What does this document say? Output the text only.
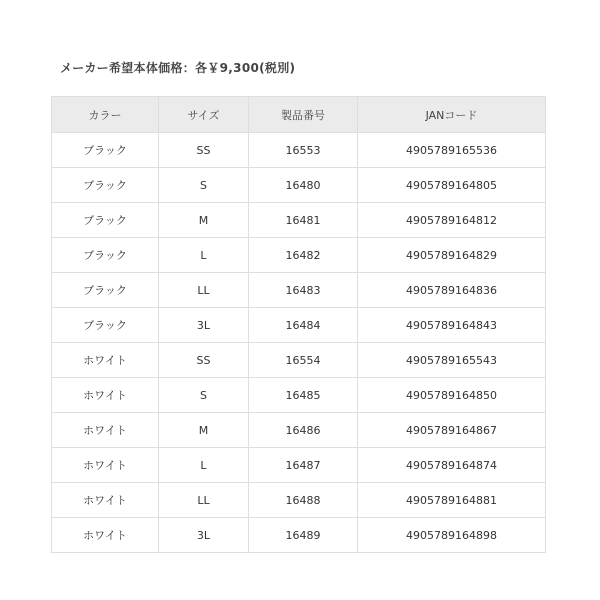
メーカー希望本体価格：各￥9,300(税別)
カラー	サイズ	製品番号	JANコード
ブラック	SS	16553	4905789165536
ブラック	S	16480	4905789164805
ブラック	M	16481	4905789164812
ブラック	L	16482	4905789164829
ブラック	LL	16483	4905789164836
ブラック	3L	16484	4905789164843
ホワイト	SS	16554	4905789165543
ホワイト	S	16485	4905789164850
ホワイト	M	16486	4905789164867
ホワイト	L	16487	4905789164874
ホワイト	LL	16488	4905789164881
ホワイト	3L	16489	4905789164898
